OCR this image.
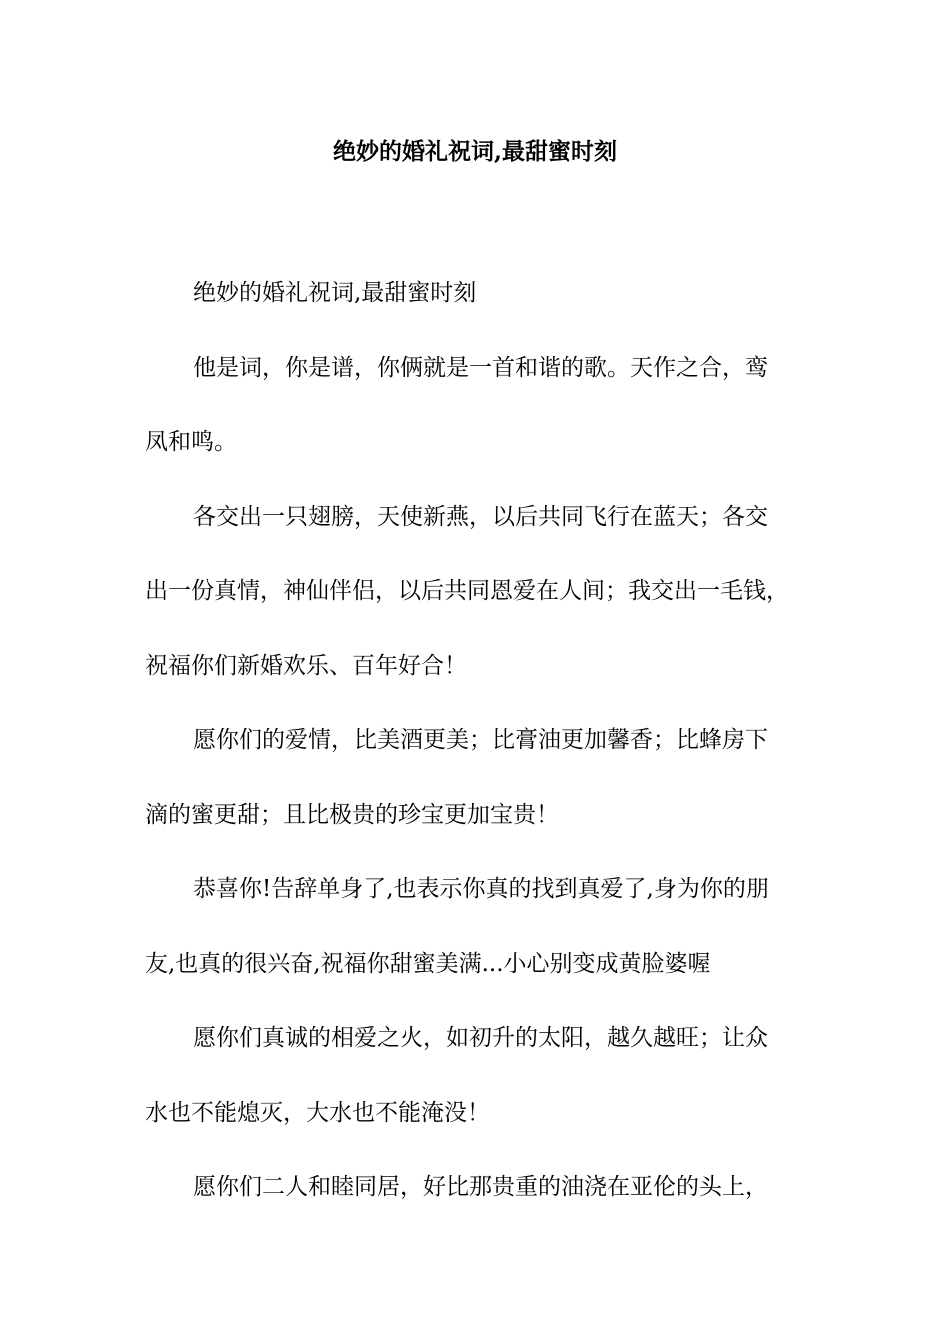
绝妙的婚礼祝词,最甜蜜时刻

绝妙的婚礼祝词,最甜蜜时刻

他是词，你是谱，你俩就是一首和谐的歌。天作之合，鸾
凤和鸣。

各交出一只翅膀，天使新燕，以后共同飞行在蓝天；各交
出一份真情，神仙伴侣，以后共同恩爱在人间；我交出一毛钱，
祝福你们新婚欢乐、百年好合！

愿你们的爱情，比美酒更美；比膏油更加馨香；比蜂房下
滴的蜜更甜；且比极贵的珍宝更加宝贵！

恭喜你!告辞单身了,也表示你真的找到真爱了,身为你的朋
友,也真的很兴奋,祝福你甜蜜美满...小心别变成黄脸婆喔

愿你们真诚的相爱之火，如初升的太阳，越久越旺；让众
水也不能熄灭，大水也不能淹没！

愿你们二人和睦同居，好比那贵重的油浇在亚伦的头上，
